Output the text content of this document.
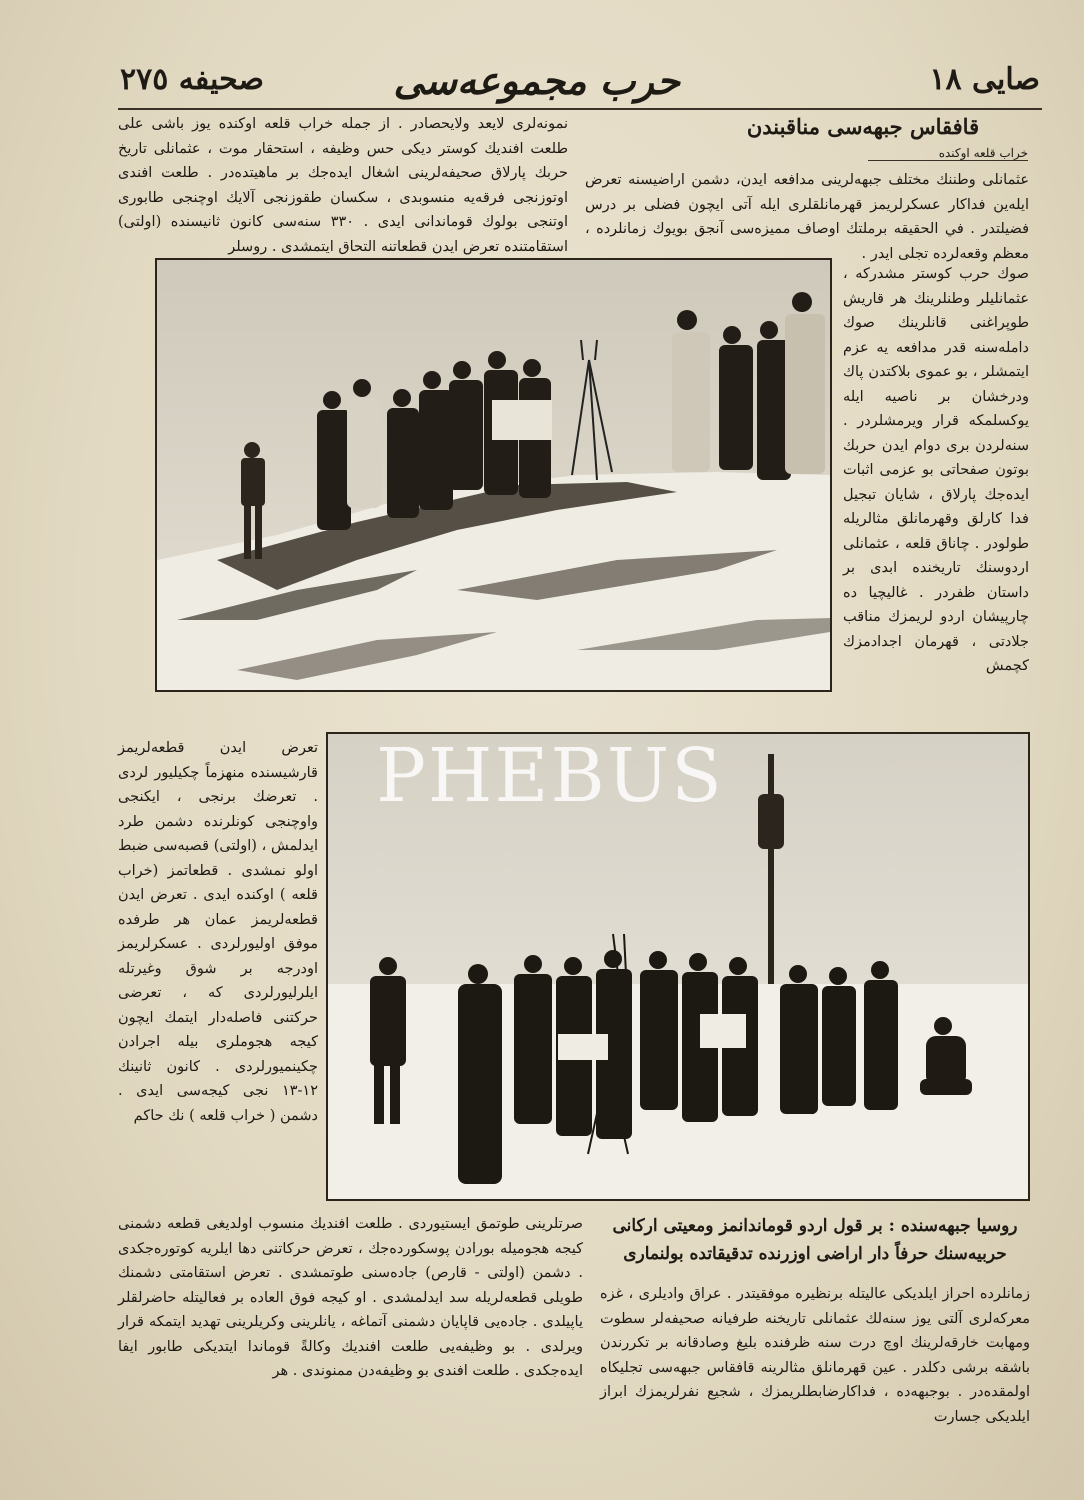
صايى ١٨
حرب مجموعه‌سى
صحيفه ٢٧٥
قافقاس جبهه‌سى مناقبندن
خراب قلعه اوكنده

نمونه‌لرى لايعد ولايحصادر . از جمله خراب قلعه اوكنده يوز باشى على طلعت افنديك كوستر ديكى حس وظيفه ، استحقار موت ، عثمانلى تاريخ حربك پارلاق صحيفه‌لرينى اشغال ايده‌جك بر ماهيتده‌در . طلعت افندى اوتوزنجى فرقه‌يه منسوبدى ، سكسان طقوزنجى آلايك اوچنجى طابورى اوتنجى بولوك قوماندانى ايدى . ٣٣٠ سنه‌سى كانون ثانيسنده (اولتى) استقامتنده تعرض ايدن قطعاتنه التحاق ايتمشدى . روسلر

عثمانلى وطننك مختلف جبهه‌لرينى مدافعه ايدن، دشمن اراضيسنه تعرض ايله‌ين فداكار عسكرلريمز قهرمانلقلرى ايله آتى ايچون فضلى بر درس فضيلتدر . في الحقيقه برملتك اوصاف مميزه‌سى آنجق بويوك زمانلرده ، معظم وقعه‌لرده تجلى ايدر .

صوك حرب كوستر مشدركه ، عثمانليلر وطنلرينك هر قاريش طوپراغنى قانلرينك صوك داملەسنه قدر مدافعه يه عزم ايتمشلر ، بو عموى بلاكتدن پاك ودرخشان بر ناصيه ايله يوكسلمكه قرار ويرمشلردر . سنه‌لردن برى دوام ايدن حربك بوتون صفحاتى بو عزمى اثبات ايده‌جك پارلاق ، شايان تبجيل فدا كارلق وقهرمانلق مثالريله طولودر . چاناق قلعه ، عثمانلى اردوسنك تاريخنده ابدى بر داستان ظفردر . غاليچيا ده چارپيشان اردو لريمزك مناقب جلادتى ، قهرمان اجدادمزك كچمش

تعرض ايدن قطعه‌لريمز قارشيسنده منهزماً چكيليور لردى . تعرضك برنجى ، ايكنجى واوچنجى كونلرنده دشمن طرد ايدلمش ، (اولتى) قصبه‌سى ضبط اولو نمشدى . قطعاتمز (خراب قلعه ) اوكنده ايدى . تعرض ايدن قطعه‌لريمز عمان هر طرفده موفق اوليورلردى . عسكرلريمز اودرجه بر شوق وغيرتله ايلرليورلردى كه ، تعرضى حركتنى فاصله‌دار ايتمك ايچون كيجه هجوملرى بيله اجرادن چكينميورلردى . كانون ثانينك ١٢-١٣ نجى كيجه‌سى ايدى . دشمن ( خراب قلعه ) نك حاكم

صرتلرينى طوتمق ايستيوردى . طلعت افنديك منسوب اولديغى قطعه دشمنى كيجه هجوميله بورادن پوسكورده‌جك ، تعرض حركاتنى دها ايلريه كوتوره‌جكدى . دشمن (اولتى - قارص) جاده‌سنى طوتمشدى . تعرض استقامتى دشمنك طويلى قطعه‌لريله سد ايدلمشدى . او كيجه فوق العاده بر فعاليتله حاضرلقلر ياپيلدى . جاده‌يى قاپايان دشمنى آتماغه ، يانلرينى وكريلرينى تهديد ايتمكه قرار ويرلدى . بو وظيفه‌يى طلعت افنديك وكالةً قوماندا ايتديكى طابور ايفا ايده‌جكدى . طلعت افندى بو وظيفه‌دن ممنوندى . هر

روسيا جبهه‌سنده : بر قول اردو قوماندانمز ومعيتى اركانى
حربيه‌سنك حرفاً دار اراضى اوزرنده تدقيقاتده بولنمارى

زمانلرده احراز ايلديكى عاليتله برنظيره موفقيتدر . عراق واديلرى ، غزه معركه‌لرى آلتى يوز سنه‌لك عثمانلى تاريخنه طرفيانه صحيفه‌لر سطوت ومهابت خارقه‌لرينك اوچ درت سنه ظرفنده بليغ وصادقانه بر تكررندن باشقه برشى دكلدر . عين قهرمانلق مثالرينه قافقاس جبهه‌سى تجليكاه اولمقده‌در . بوجبهه‌ده ، فداكارضابطلريمزك ، شجيع نفرلريمزك ابراز ايلديكى جسارت

PHEBUS
